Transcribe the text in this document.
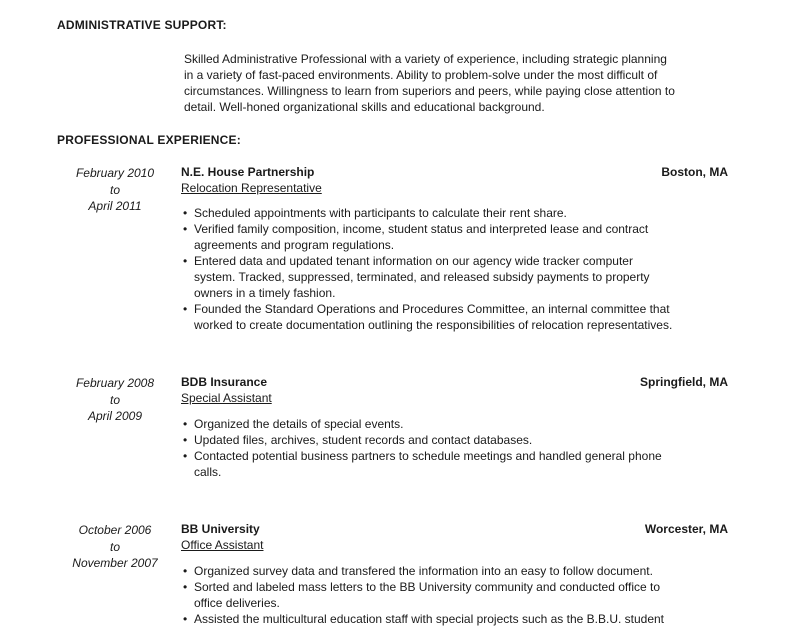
ADMINISTRATIVE SUPPORT:
Skilled Administrative Professional with a variety of experience, including strategic planning
in a variety of fast-paced environments. Ability to problem-solve under the most difficult of
circumstances. Willingness to learn from superiors and peers, while paying close attention to
detail. Well-honed organizational skills and educational background.
PROFESSIONAL EXPERIENCE:
February 2010
to
April 2011
N.E. House Partnership	Boston, MA
Relocation Representative
• Scheduled appointments with participants to calculate their rent share.
• Verified family composition, income, student status and interpreted lease and contract
agreements and program regulations.
• Entered data and updated tenant information on our agency wide tracker computer
system. Tracked, suppressed, terminated, and released subsidy payments to property
owners in a timely fashion.
• Founded the Standard Operations and Procedures Committee, an internal committee that
worked to create documentation outlining the responsibilities of relocation representatives.
February 2008
to
April 2009
BDB Insurance	Springfield, MA
Special Assistant
• Organized the details of special events.
• Updated files, archives, student records and contact databases.
• Contacted potential business partners to schedule meetings and handled general phone
calls.
October 2006
to
November 2007
BB University	Worcester, MA
Office Assistant
• Organized survey data and transfered the information into an easy to follow document.
• Sorted and labeled mass letters to the BB University community and conducted office to
office deliveries.
• Assisted the multicultural education staff with special projects such as the B.B.U. student
